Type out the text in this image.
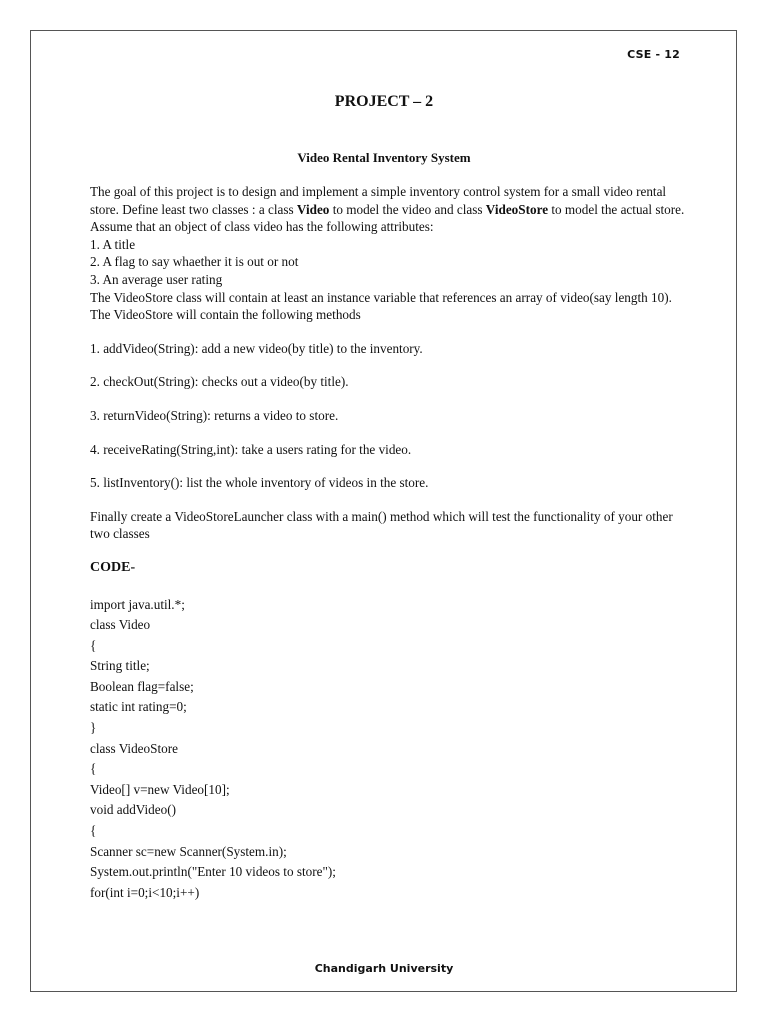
CSE - 12
PROJECT – 2
Video Rental Inventory System

The goal of this project is to design and implement a simple inventory control system for a small video rental store. Define least two classes : a class Video to model the video and class VideoStore to model the actual store.

Assume that an object of class video has the following attributes:

1. A title

2. A flag to say whaether it is out or not

3. An average user rating

The VideoStore class will contain at least an instance variable that references an array of video(say length 10). The VideoStore will contain the following methods

1. addVideo(String): add a new video(by title) to the inventory.

2. checkOut(String): checks out a video(by title).

3. returnVideo(String): returns a video to store.

4. receiveRating(String,int): take a users rating for the video.

5. listInventory(): list the whole inventory of videos in the store.

Finally create a VideoStoreLauncher class with a main() method which will test the functionality of your other two classes

CODE-

import java.util.*;
class Video
{
String title;
Boolean flag=false;
static int rating=0;
}
class VideoStore
{
Video[] v=new Video[10];
void addVideo()
{
Scanner sc=new Scanner(System.in);
System.out.println("Enter 10 videos to store");
for(int i=0;i<10;i++)
Chandigarh University
